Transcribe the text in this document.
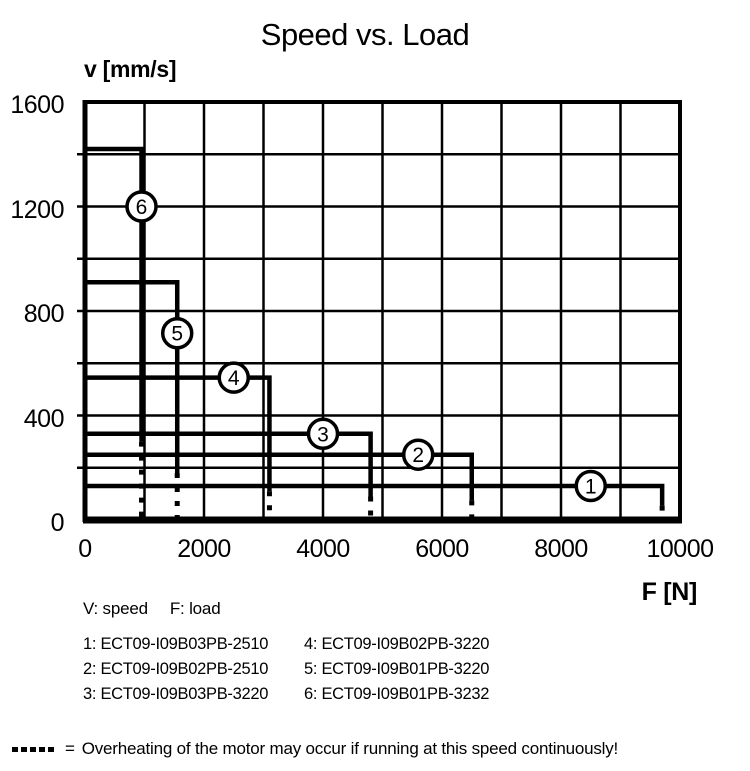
Speed vs. Load
v [mm/s]
1
2
3
4
5
6
0
400
800
1200
1600
0	2000	4000	6000	8000	10000
F [N]
V: speed F: load
1: ECT09-I09B03PB-2510
2: ECT09-I09B02PB-2510
3: ECT09-I09B03PB-3220
4: ECT09-I09B02PB-3220
5: ECT09-I09B01PB-3220
6: ECT09-I09B01PB-3232
= Overheating of the motor may occur if running at this speed continuously!
